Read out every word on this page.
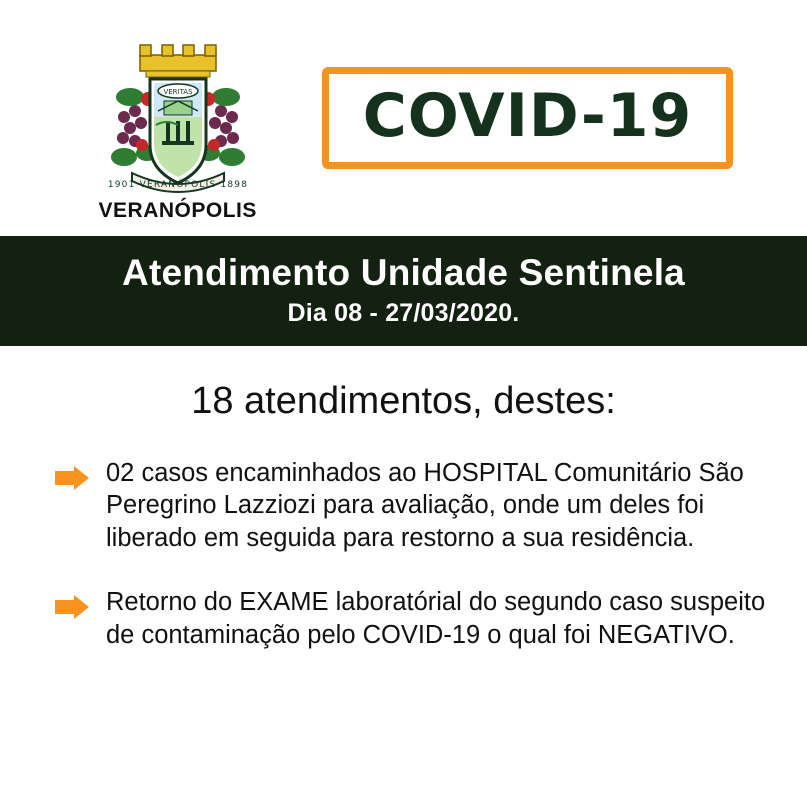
VERITAS
1901 VERANÓPOLIS 1898
VERANÓPOLIS
COVID-19
Atendimento Unidade Sentinela
Dia 08 - 27/03/2020.
18 atendimentos, destes:
02 casos encaminhados ao HOSPITAL Comunitário São Peregrino Lazziozi para avaliação, onde um deles foi liberado em seguida para restorno a sua residência.
Retorno do EXAME laboratórial do segundo caso suspeito de contaminação pelo COVID-19 o qual foi NEGATIVO.
